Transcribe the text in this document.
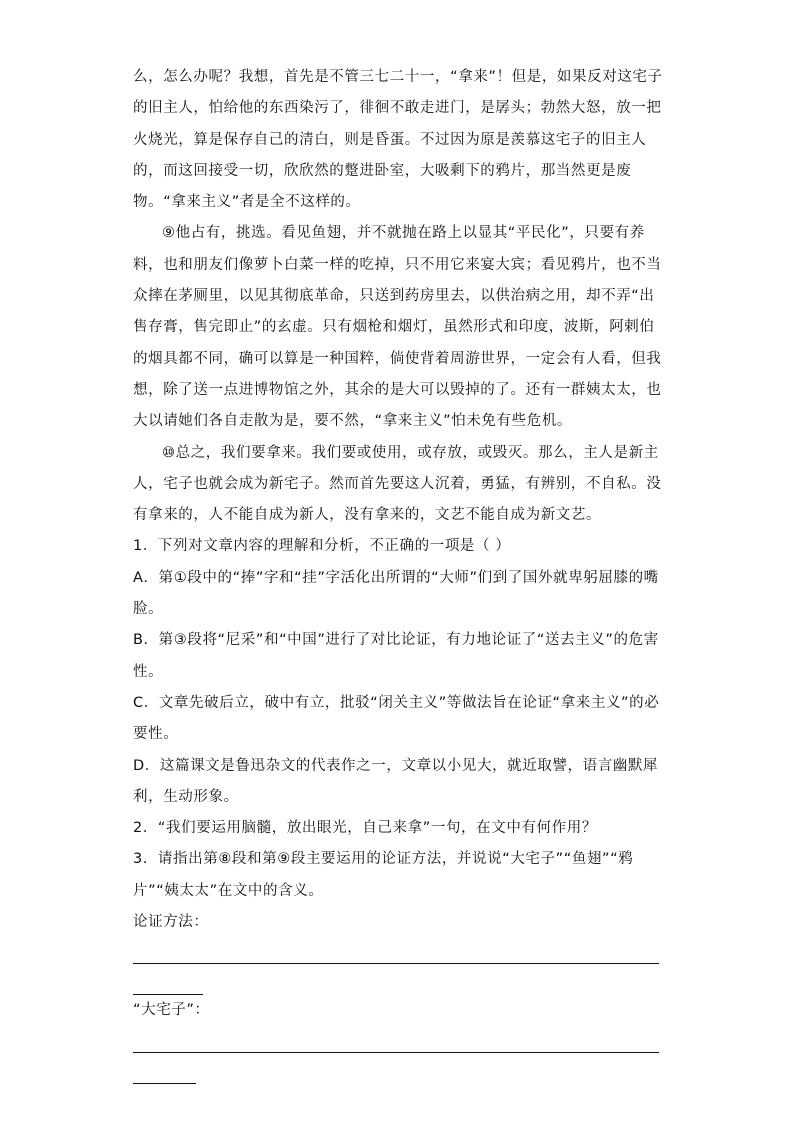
么，怎么办呢？我想，首先是不管三七二十一，“拿来”！但是，如果反对这宅子的旧主人，怕给他的东西染污了，徘徊不敢走进门，是孱头；勃然大怒，放一把火烧光，算是保存自己的清白，则是昏蛋。不过因为原是羡慕这宅子的旧主人的，而这回接受一切，欣欣然的蹩进卧室，大吸剩下的鸦片，那当然更是废物。“拿来主义”者是全不这样的。

⑨他占有，挑选。看见鱼翅，并不就抛在路上以显其“平民化”，只要有养料，也和朋友们像萝卜白菜一样的吃掉，只不用它来宴大宾；看见鸦片，也不当众摔在茅厕里，以见其彻底革命，只送到药房里去，以供治病之用，却不弄“出售存膏，售完即止”的玄虚。只有烟枪和烟灯，虽然形式和印度，波斯，阿剌伯的烟具都不同，确可以算是一种国粹，倘使背着周游世界，一定会有人看，但我想，除了送一点进博物馆之外，其余的是大可以毁掉的了。还有一群姨太太，也大以请她们各自走散为是，要不然，“拿来主义”怕未免有些危机。

⑩总之，我们要拿来。我们要或使用，或存放，或毁灭。那么，主人是新主人，宅子也就会成为新宅子。然而首先要这人沉着，勇猛，有辨别，不自私。没有拿来的，人不能自成为新人，没有拿来的，文艺不能自成为新文艺。

1．下列对文章内容的理解和分析，不正确的一项是（ ）

A．第①段中的“捧”字和“挂”字活化出所谓的“大师”们到了国外就卑躬屈膝的嘴脸。

B．第③段将“尼采”和“中国”进行了对比论证，有力地论证了“送去主义”的危害性。

C．文章先破后立，破中有立，批驳“闭关主义”等做法旨在论证“拿来主义”的必要性。

D．这篇课文是鲁迅杂文的代表作之一，文章以小见大，就近取譬，语言幽默犀利，生动形象。

2．“我们要运用脑髓，放出眼光，自己来拿”一句，在文中有何作用？

3．请指出第⑧段和第⑨段主要运用的论证方法，并说说“大宅子”“鱼翅”“鸦片”“姨太太”在文中的含义。

论证方法：

“大宅子”：
